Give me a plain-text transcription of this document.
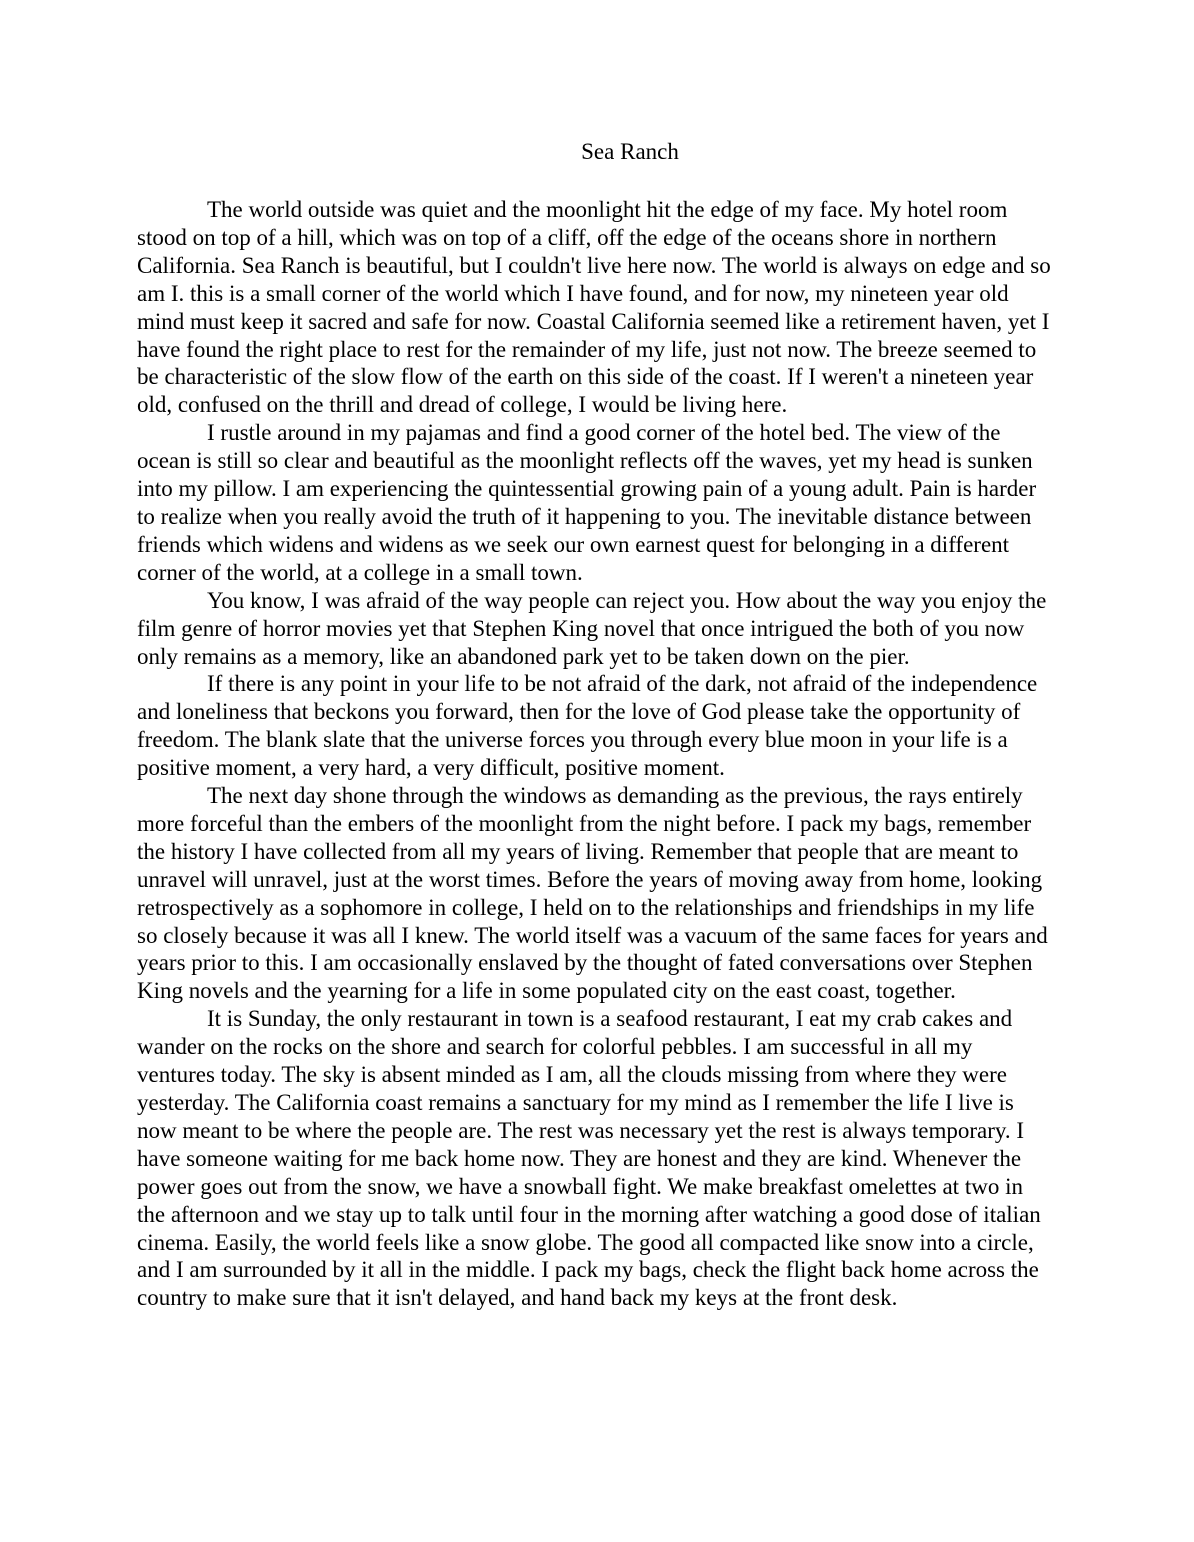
Sea Ranch

The world outside was quiet and the moonlight hit the edge of my face. My hotel room stood on top of a hill, which was on top of a cliff, off the edge of the oceans shore in northern California. Sea Ranch is beautiful, but I couldn't live here now. The world is always on edge and so am I. this is a small corner of the world which I have found, and for now, my nineteen year old mind must keep it sacred and safe for now. Coastal California seemed like a retirement haven, yet I have found the right place to rest for the remainder of my life, just not now. The breeze seemed to be characteristic of the slow flow of the earth on this side of the coast. If I weren't a nineteen year old, confused on the thrill and dread of college, I would be living here.

I rustle around in my pajamas and find a good corner of the hotel bed. The view of the ocean is still so clear and beautiful as the moonlight reflects off the waves, yet my head is sunken into my pillow. I am experiencing the quintessential growing pain of a young adult. Pain is harder to realize when you really avoid the truth of it happening to you. The inevitable distance between friends which widens and widens as we seek our own earnest quest for belonging in a different corner of the world, at a college in a small town.

You know, I was afraid of the way people can reject you. How about the way you enjoy the film genre of horror movies yet that Stephen King novel that once intrigued the both of you now only remains as a memory, like an abandoned park yet to be taken down on the pier.

If there is any point in your life to be not afraid of the dark, not afraid of the independence and loneliness that beckons you forward, then for the love of God please take the opportunity of freedom. The blank slate that the universe forces you through every blue moon in your life is a positive moment, a very hard, a very difficult, positive moment.

The next day shone through the windows as demanding as the previous, the rays entirely more forceful than the embers of the moonlight from the night before. I pack my bags, remember the history I have collected from all my years of living. Remember that people that are meant to unravel will unravel, just at the worst times. Before the years of moving away from home, looking retrospectively as a sophomore in college, I held on to the relationships and friendships in my life so closely because it was all I knew. The world itself was a vacuum of the same faces for years and years prior to this. I am occasionally enslaved by the thought of fated conversations over Stephen King novels and the yearning for a life in some populated city on the east coast, together.

It is Sunday, the only restaurant in town is a seafood restaurant, I eat my crab cakes and wander on the rocks on the shore and search for colorful pebbles. I am successful in all my ventures today. The sky is absent minded as I am, all the clouds missing from where they were yesterday. The California coast remains a sanctuary for my mind as I remember the life I live is now meant to be where the people are. The rest was necessary yet the rest is always temporary. I have someone waiting for me back home now. They are honest and they are kind. Whenever the power goes out from the snow, we have a snowball fight. We make breakfast omelettes at two in the afternoon and we stay up to talk until four in the morning after watching a good dose of italian cinema. Easily, the world feels like a snow globe. The good all compacted like snow into a circle, and I am surrounded by it all in the middle. I pack my bags, check the flight back home across the country to make sure that it isn't delayed, and hand back my keys at the front desk.
